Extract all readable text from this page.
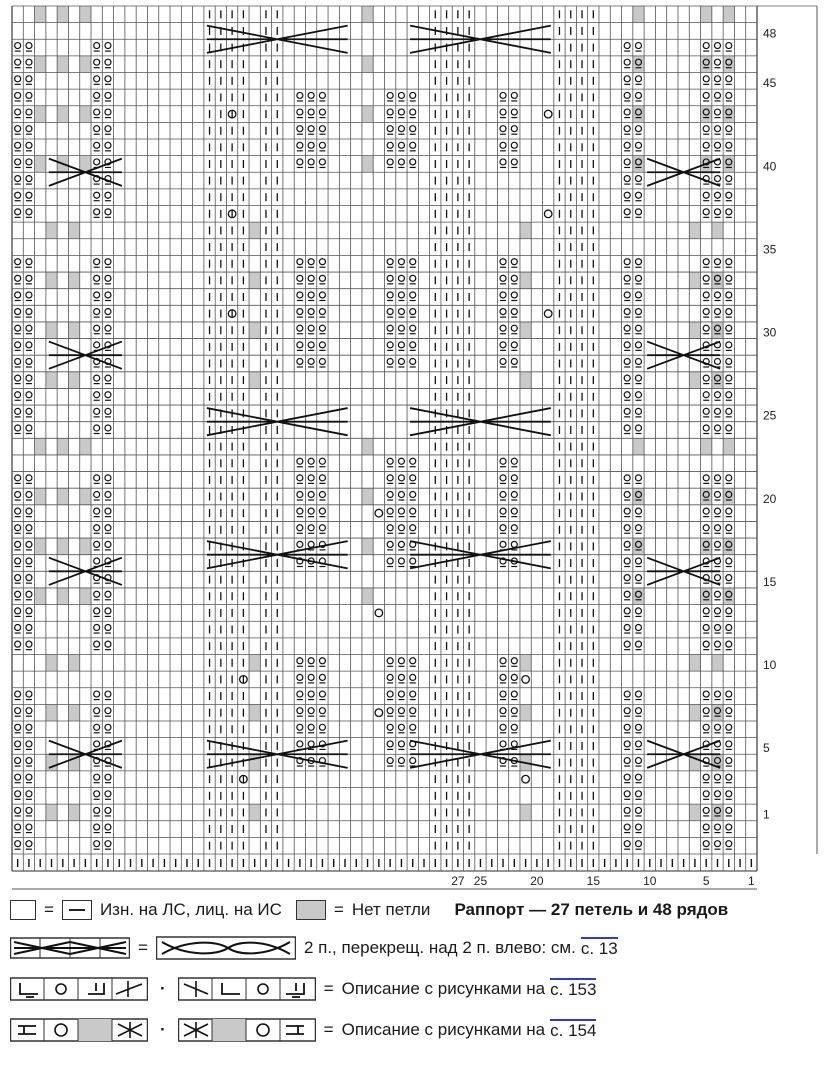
48
45
40
35
30
25
20
15
10
5
1
27 25	20	15	10	5	1
=	Изн. на ЛС, лиц. на ИС	= Нет петли Раппорт — 27 петель и 48 рядов
=	2 п., перекрещ. над 2 п. влево: см. с. 13
·	= Описание с рисунками на с. 153
·	= Описание с рисунками на с. 154
